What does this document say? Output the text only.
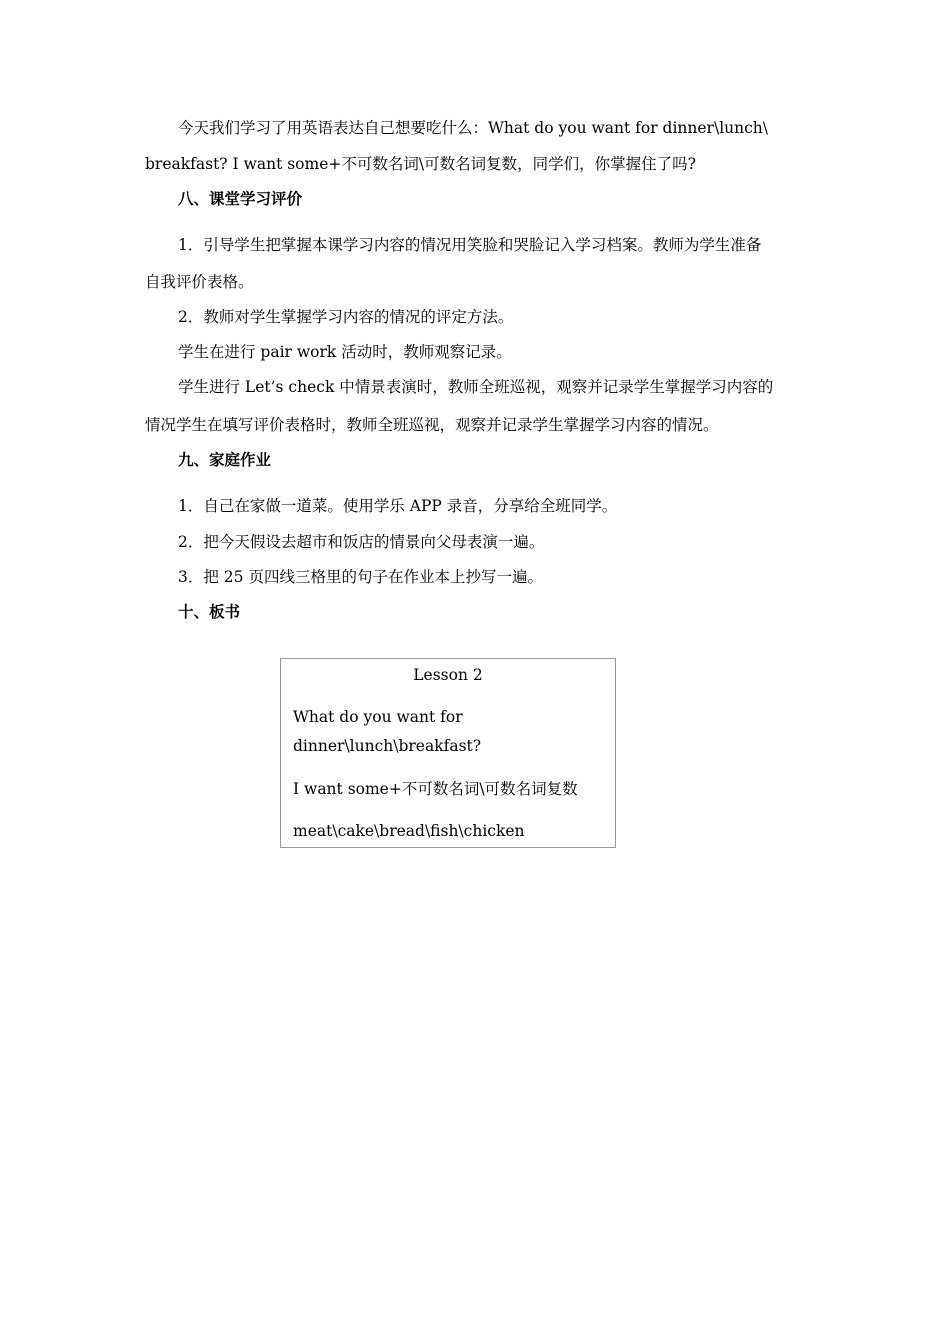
今天我们学习了用英语表达自己想要吃什么：What do you want for dinner\lunch\
breakfast? I want some+不可数名词\可数名词复数，同学们，你掌握住了吗?
八、课堂学习评价
1．引导学生把掌握本课学习内容的情况用笑脸和哭脸记入学习档案。教师为学生准备
自我评价表格。
2．教师对学生掌握学习内容的情况的评定方法。
学生在进行 pair work 活动时，教师观察记录。
学生进行 Let’s check 中情景表演时，教师全班巡视，观察并记录学生掌握学习内容的
情况学生在填写评价表格时，教师全班巡视，观察并记录学生掌握学习内容的情况。
九、家庭作业
1．自己在家做一道菜。使用学乐 APP 录音，分享给全班同学。
2．把今天假设去超市和饭店的情景向父母表演一遍。
3．把 25 页四线三格里的句子在作业本上抄写一遍。
十、板书
Lesson 2
What do you want for
dinner\lunch\breakfast?
I want some+不可数名词\可数名词复数
meat\cake\bread\fish\chicken
